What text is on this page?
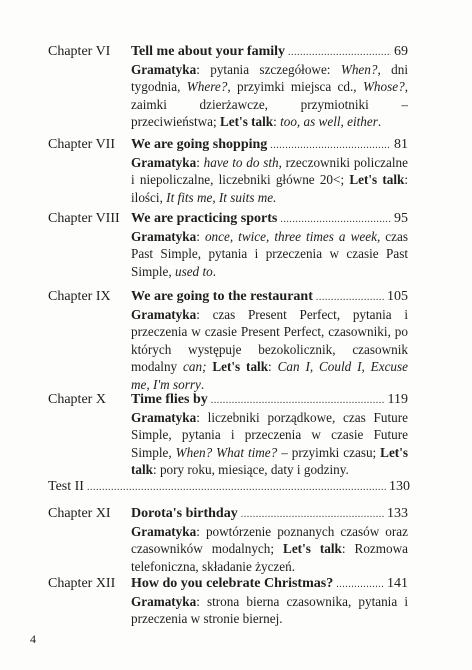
Chapter VI Tell me about your family .....	69

Gramatyka: pytania szczegółowe: When?, dni tygodnia, Where?, przyimki miejsca cd., Whose?, zaimki dzierżawcze, przymiotniki – przeciwieństwa; Let's talk: too, as well, either.

Chapter VII We are going shopping .....	81

Gramatyka: have to do sth, rzeczowniki policzalne i niepoliczalne, liczebniki główne 20<; Let's talk: ilości, It fits me, It suits me.

Chapter VIII We are practicing sports .....	95

Gramatyka: once, twice, three times a week, czas Past Simple, pytania i przeczenia w czasie Past Simple, used to.

Chapter IX We are going to the restaurant .....	105

Gramatyka: czas Present Perfect, pytania i przeczenia w czasie Present Perfect, czasowniki, po których występuje bezokolicznik, czasownik modalny can; Let's talk: Can I, Could I, Excuse me, I'm sorry.

Chapter X Time flies by .....	119

Gramatyka: liczebniki porządkowe, czas Future Simple, pytania i przeczenia w czasie Future Simple, When? What time? – przyimki czasu; Let's talk: pory roku, miesiące, daty i godziny.

Test II .....	130
Chapter XI Dorota's birthday .....	133

Gramatyka: powtórzenie poznanych czasów oraz czasowników modalnych; Let's talk: Rozmowa telefoniczna, składanie życzeń.

Chapter XII How do you celebrate Christmas? .....	141

Gramatyka: strona bierna czasownika, pytania i przeczenia w stronie biernej.

4
